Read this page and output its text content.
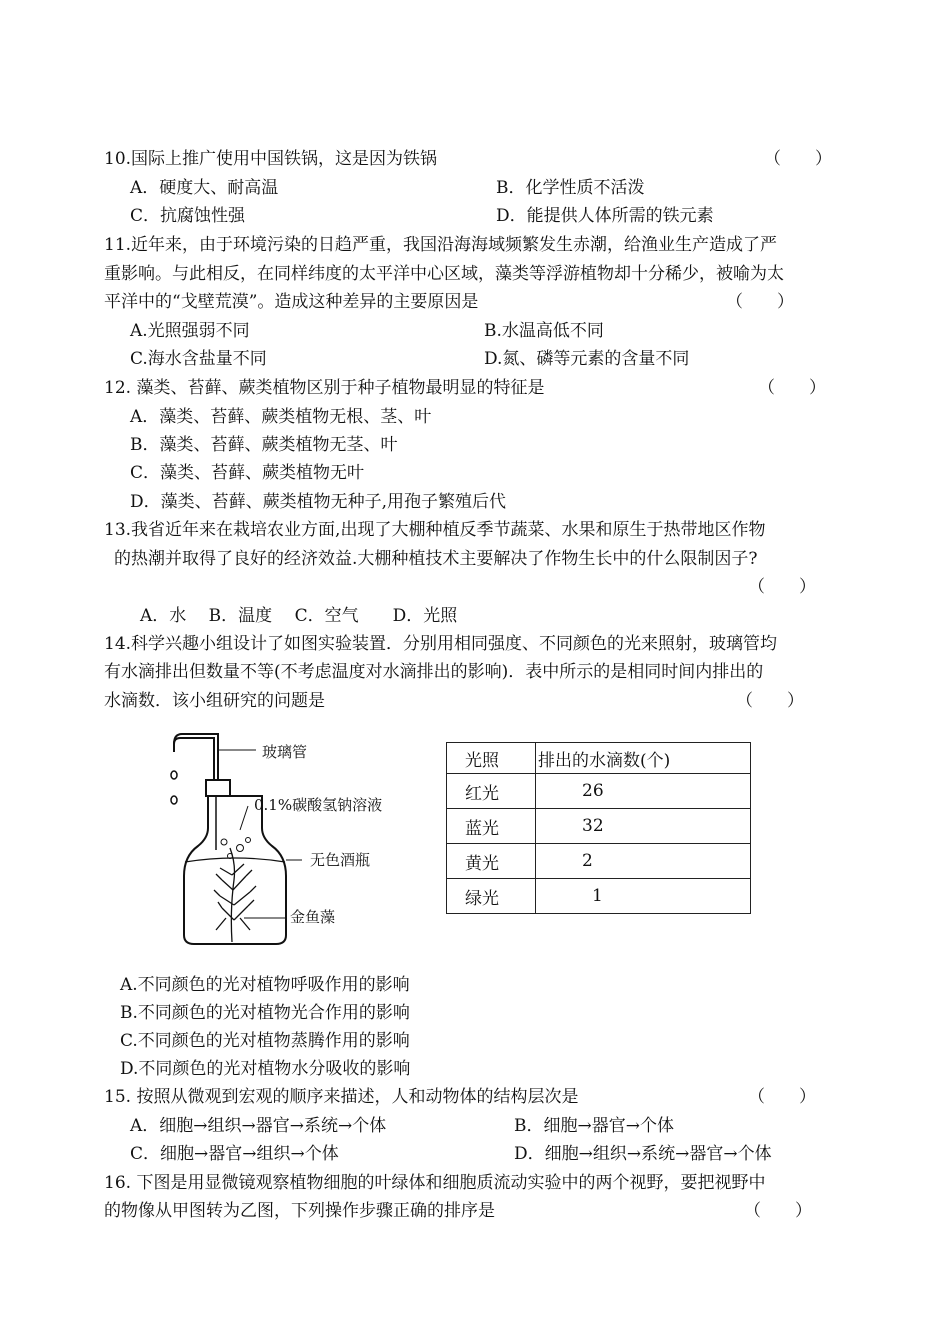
10.国际上推广使用中国铁锅，这是因为铁锅	（　　）
A．硬度大、耐高温	B．化学性质不活泼
C．抗腐蚀性强	D．能提供人体所需的铁元素
11.近年来，由于环境污染的日趋严重，我国沿海海域频繁发生赤潮，给渔业生产造成了严
重影响。与此相反，在同样纬度的太平洋中心区域，藻类等浮游植物却十分稀少，被喻为太
平洋中的“戈壁荒漠”。造成这种差异的主要原因是	（　　）
A.光照强弱不同	B.水温高低不同
C.海水含盐量不同	D.氮、磷等元素的含量不同
12. 藻类、苔藓、蕨类植物区别于种子植物最明显的特征是	（　　）
A．藻类、苔藓、蕨类植物无根、茎、叶
B．藻类、苔藓、蕨类植物无茎、叶
C．藻类、苔藓、蕨类植物无叶
D．藻类、苔藓、蕨类植物无种子,用孢子繁殖后代
13.我省近年来在栽培农业方面,出现了大棚种植反季节蔬菜、水果和原生于热带地区作物
的热潮并取得了良好的经济效益.大棚种植技术主要解决了作物生长中的什么限制因子?
（　　）
A．水　 B．温度　 C．空气　　D．光照
14.科学兴趣小组设计了如图实验装置．分别用相同强度、不同颜色的光来照射，玻璃管均
有水滴排出但数量不等(不考虑温度对水滴排出的影响)．表中所示的是相同时间内排出的
水滴数．该小组研究的问题是	（　　）
玻璃管
0.1%碳酸氢钠溶液
无色酒瓶
金鱼藻
光照	排出的水滴数(个)
红光	26
蓝光	32
黄光	2
绿光	1
A.不同颜色的光对植物呼吸作用的影响
B.不同颜色的光对植物光合作用的影响
C.不同颜色的光对植物蒸腾作用的影响
D.不同颜色的光对植物水分吸收的影响
15. 按照从微观到宏观的顺序来描述，人和动物体的结构层次是	（　　）
A．细胞→组织→器官→系统→个体	B．细胞→器官→个体
C．细胞→器官→组织→个体	D．细胞→组织→系统→器官→个体
16. 下图是用显微镜观察植物细胞的叶绿体和细胞质流动实验中的两个视野，要把视野中
的物像从甲图转为乙图，下列操作步骤正确的排序是	（　　）
